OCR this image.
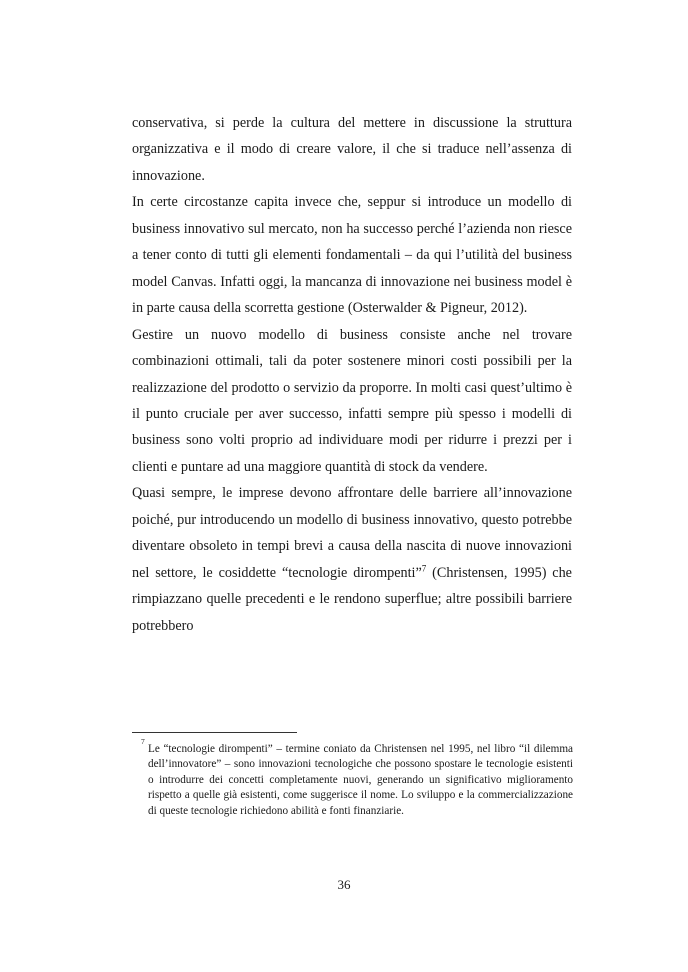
conservativa, si perde la cultura del mettere in discussione la struttura organizzativa e il modo di creare valore, il che si traduce nell’assenza di innovazione.

In certe circostanze capita invece che, seppur si introduce un modello di business innovativo sul mercato, non ha successo perché l’azienda non riesce a tener conto di tutti gli elementi fondamentali – da qui l’utilità del business model Canvas. Infatti oggi, la mancanza di innovazione nei business model è in parte causa della scorretta gestione (Osterwalder & Pigneur, 2012).

Gestire un nuovo modello di business consiste anche nel trovare combinazioni ottimali, tali da poter sostenere minori costi possibili per la realizzazione del prodotto o servizio da proporre. In molti casi quest’ultimo è il punto cruciale per aver successo, infatti sempre più spesso i modelli di business sono volti proprio ad individuare modi per ridurre i prezzi per i clienti e puntare ad una maggiore quantità di stock da vendere.

Quasi sempre, le imprese devono affrontare delle barriere all’innovazione poiché, pur introducendo un modello di business innovativo, questo potrebbe diventare obsoleto in tempi brevi a causa della nascita di nuove innovazioni nel settore, le cosiddette “tecnologie dirompenti”$^7$ (Christensen, 1995) che rimpiazzano quelle precedenti e le rendono superflue; altre possibili barriere potrebbero

7
Le “tecnologie dirompenti” – termine coniato da Christensen nel 1995, nel libro “il dilemma dell’innovatore” – sono innovazioni tecnologiche che possono spostare le tecnologie esistenti o introdurre dei concetti completamente nuovi, generando un significativo miglioramento rispetto a quelle già esistenti, come suggerisce il nome. Lo sviluppo e la commercializzazione di queste tecnologie richiedono abilità e fonti finanziarie.
36
